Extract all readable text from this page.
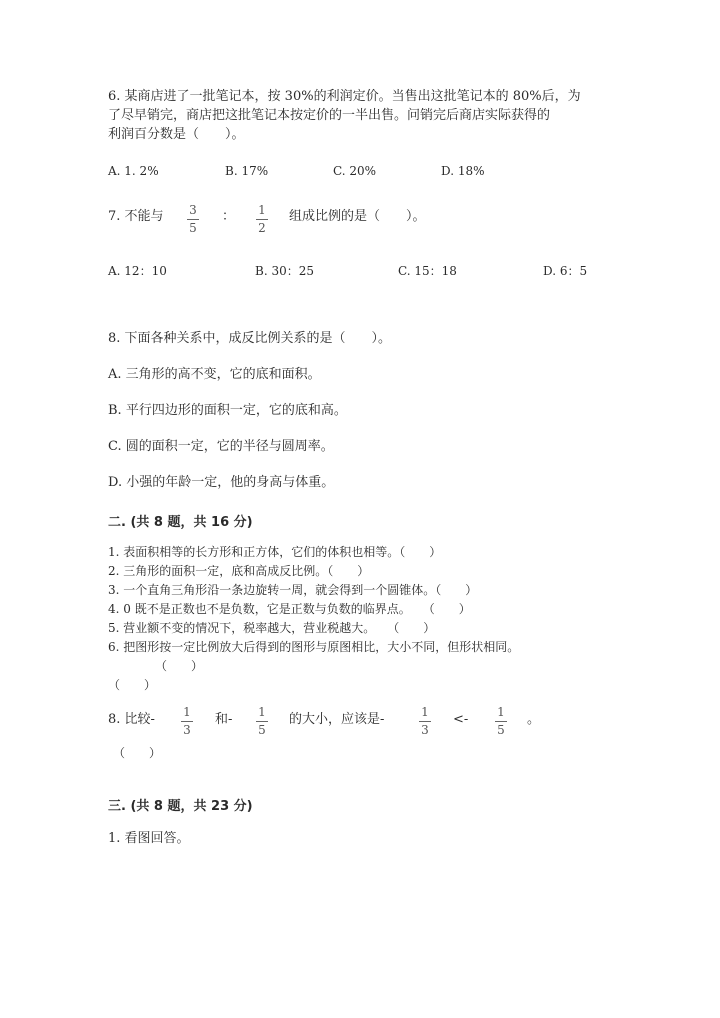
6. 某商店进了一批笔记本，按 30%的利润定价。当售出这批笔记本的 80%后，为
了尽早销完，商店把这批笔记本按定价的一半出售。问销完后商店实际获得的
利润百分数是（　　）。
A. 1. 2%	B. 17%	C. 20%	D. 18%
7. 不能与 3
5
： 1
2
组成比例的是（　　）。
A. 12：10	B. 30：25	C. 15：18	D. 6：5
8. 下面各种关系中，成反比例关系的是（　　）。
A. 三角形的高不变，它的底和面积。
B. 平行四边形的面积一定，它的底和高。
C. 圆的面积一定，它的半径与圆周率。
D. 小强的年龄一定，他的身高与体重。
二. (共 8 题，共 16 分)
1. 表面积相等的长方形和正方体，它们的体积也相等。（　　）
2. 三角形的面积一定，底和高成反比例。（　　）
3. 一个直角三角形沿一条边旋转一周，就会得到一个圆锥体。（　　）
4. 0 既不是正数也不是负数，它是正数与负数的临界点。　　（　　）
5. 营业额不变的情况下，税率越大，营业税越大。　　（　　）
6. 把图形按一定比例放大后得到的图形与原图相比，大小不同，但形状相同。
（　　）
（　　）
8. 比较- 1
3
和- 1
5
的大小，应该是-	1
3
<- 1
5
。
（　　）
三. (共 8 题，共 23 分)
1. 看图回答。
